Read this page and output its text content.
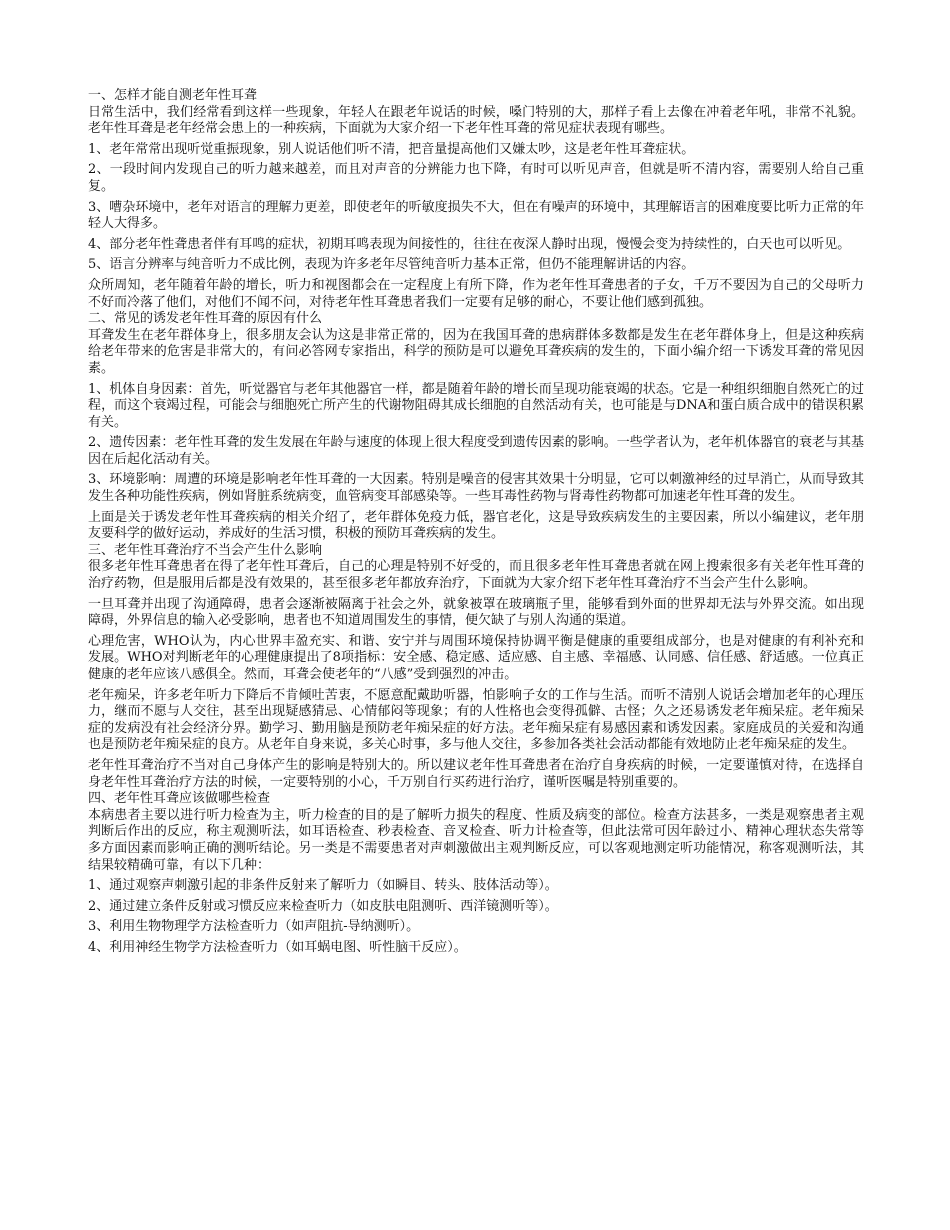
一、怎样才能自测老年性耳聋

日常生活中，我们经常看到这样一些现象，年轻人在跟老年说话的时候，嗓门特别的大，那样子看上去像在冲着老年吼，非常不礼貌。老年性耳聋是老年经常会患上的一种疾病，下面就为大家介绍一下老年性耳聋的常见症状表现有哪些。

1、老年常常出现听觉重振现象，别人说话他们听不清，把音量提高他们又嫌太吵，这是老年性耳聋症状。

2、一段时间内发现自己的听力越来越差，而且对声音的分辨能力也下降，有时可以听见声音，但就是听不清内容，需要别人给自己重复。

3、嘈杂环境中，老年对语言的理解力更差，即使老年的听敏度损失不大，但在有噪声的环境中，其理解语言的困难度要比听力正常的年轻人大得多。

4、部分老年性聋患者伴有耳鸣的症状，初期耳鸣表现为间接性的，往往在夜深人静时出现，慢慢会变为持续性的，白天也可以听见。

5、语言分辨率与纯音听力不成比例，表现为许多老年尽管纯音听力基本正常，但仍不能理解讲话的内容。

众所周知，老年随着年龄的增长，听力和视图都会在一定程度上有所下降，作为老年性耳聋患者的子女，千万不要因为自己的父母听力不好而冷落了他们，对他们不闻不问，对待老年性耳聋患者我们一定要有足够的耐心，不要让他们感到孤独。

二、常见的诱发老年性耳聋的原因有什么

耳聋发生在老年群体身上，很多朋友会认为这是非常正常的，因为在我国耳聋的患病群体多数都是发生在老年群体身上，但是这种疾病给老年带来的危害是非常大的，有问必答网专家指出，科学的预防是可以避免耳聋疾病的发生的，下面小编介绍一下诱发耳聋的常见因素。

1、机体自身因素：首先，听觉器官与老年其他器官一样，都是随着年龄的增长而呈现功能衰竭的状态。它是一种组织细胞自然死亡的过程，而这个衰竭过程，可能会与细胞死亡所产生的代谢物阻碍其成长细胞的自然活动有关，也可能是与DNA和蛋白质合成中的错误积累有关。

2、遗传因素：老年性耳聋的发生发展在年龄与速度的体现上很大程度受到遗传因素的影响。一些学者认为，老年机体器官的衰老与其基因在后起化活动有关。

3、环境影响：周遭的环境是影响老年性耳聋的一大因素。特别是噪音的侵害其效果十分明显，它可以刺激神经的过早消亡，从而导致其发生各种功能性疾病，例如肾脏系统病变，血管病变耳部感染等。一些耳毒性药物与肾毒性药物都可加速老年性耳聋的发生。

上面是关于诱发老年性耳聋疾病的相关介绍了，老年群体免疫力低，器官老化，这是导致疾病发生的主要因素，所以小编建议，老年朋友要科学的做好运动，养成好的生活习惯，积极的预防耳聋疾病的发生。

三、老年性耳聋治疗不当会产生什么影响

很多老年性耳聋患者在得了老年性耳聋后，自己的心理是特别不好受的，而且很多老年性耳聋患者就在网上搜索很多有关老年性耳聋的治疗药物，但是服用后都是没有效果的，甚至很多老年都放弃治疗，下面就为大家介绍下老年性耳聋治疗不当会产生什么影响。

一旦耳聋并出现了沟通障碍，患者会逐渐被隔离于社会之外，就象被罩在玻璃瓶子里，能够看到外面的世界却无法与外界交流。如出现障碍，外界信息的输入必受影响，患者也不知道周围发生的事情，便欠缺了与别人沟通的渠道。

心理危害，WHO认为，内心世界丰盈充实、和谐、安宁并与周围环境保持协调平衡是健康的重要组成部分，也是对健康的有利补充和发展。WHO对判断老年的心理健康提出了8项指标：安全感、稳定感、适应感、自主感、幸福感、认同感、信任感、舒适感。一位真正健康的老年应该八感俱全。然而，耳聋会使老年的“八感”受到强烈的冲击。

老年痴呆，许多老年听力下降后不肯倾吐苦衷，不愿意配戴助听器，怕影响子女的工作与生活。而听不清别人说话会增加老年的心理压力，继而不愿与人交往，甚至出现疑感猜忌、心情郁闷等现象；有的人性格也会变得孤僻、古怪；久之还易诱发老年痴呆症。老年痴呆症的发病没有社会经济分界。勤学习、勤用脑是预防老年痴呆症的好方法。老年痴呆症有易感因素和诱发因素。家庭成员的关爱和沟通也是预防老年痴呆症的良方。从老年自身来说，多关心时事，多与他人交往，多参加各类社会活动都能有效地防止老年痴呆症的发生。

老年性耳聋治疗不当对自己身体产生的影响是特别大的。所以建议老年性耳聋患者在治疗自身疾病的时候，一定要谨慎对待，在选择自身老年性耳聋治疗方法的时候，一定要特别的小心，千万别自行买药进行治疗，谨听医嘱是特别重要的。

四、老年性耳聋应该做哪些检查

本病患者主要以进行听力检查为主，听力检查的目的是了解听力损失的程度、性质及病变的部位。检查方法甚多，一类是观察患者主观判断后作出的反应，称主观测听法，如耳语检查、秒表检查、音叉检查、听力计检查等，但此法常可因年龄过小、精神心理状态失常等多方面因素而影响正确的测听结论。另一类是不需要患者对声刺激做出主观判断反应，可以客观地测定听功能情况，称客观测听法，其结果较精确可靠，有以下几种：

1、通过观察声刺激引起的非条件反射来了解听力（如瞬目、转头、肢体活动等）。

2、通过建立条件反射或习惯反应来检查听力（如皮肤电阻测听、西洋镜测听等）。

3、利用生物物理学方法检查听力（如声阻抗-导纳测听）。

4、利用神经生物学方法检查听力（如耳蜗电图、听性脑干反应）。
